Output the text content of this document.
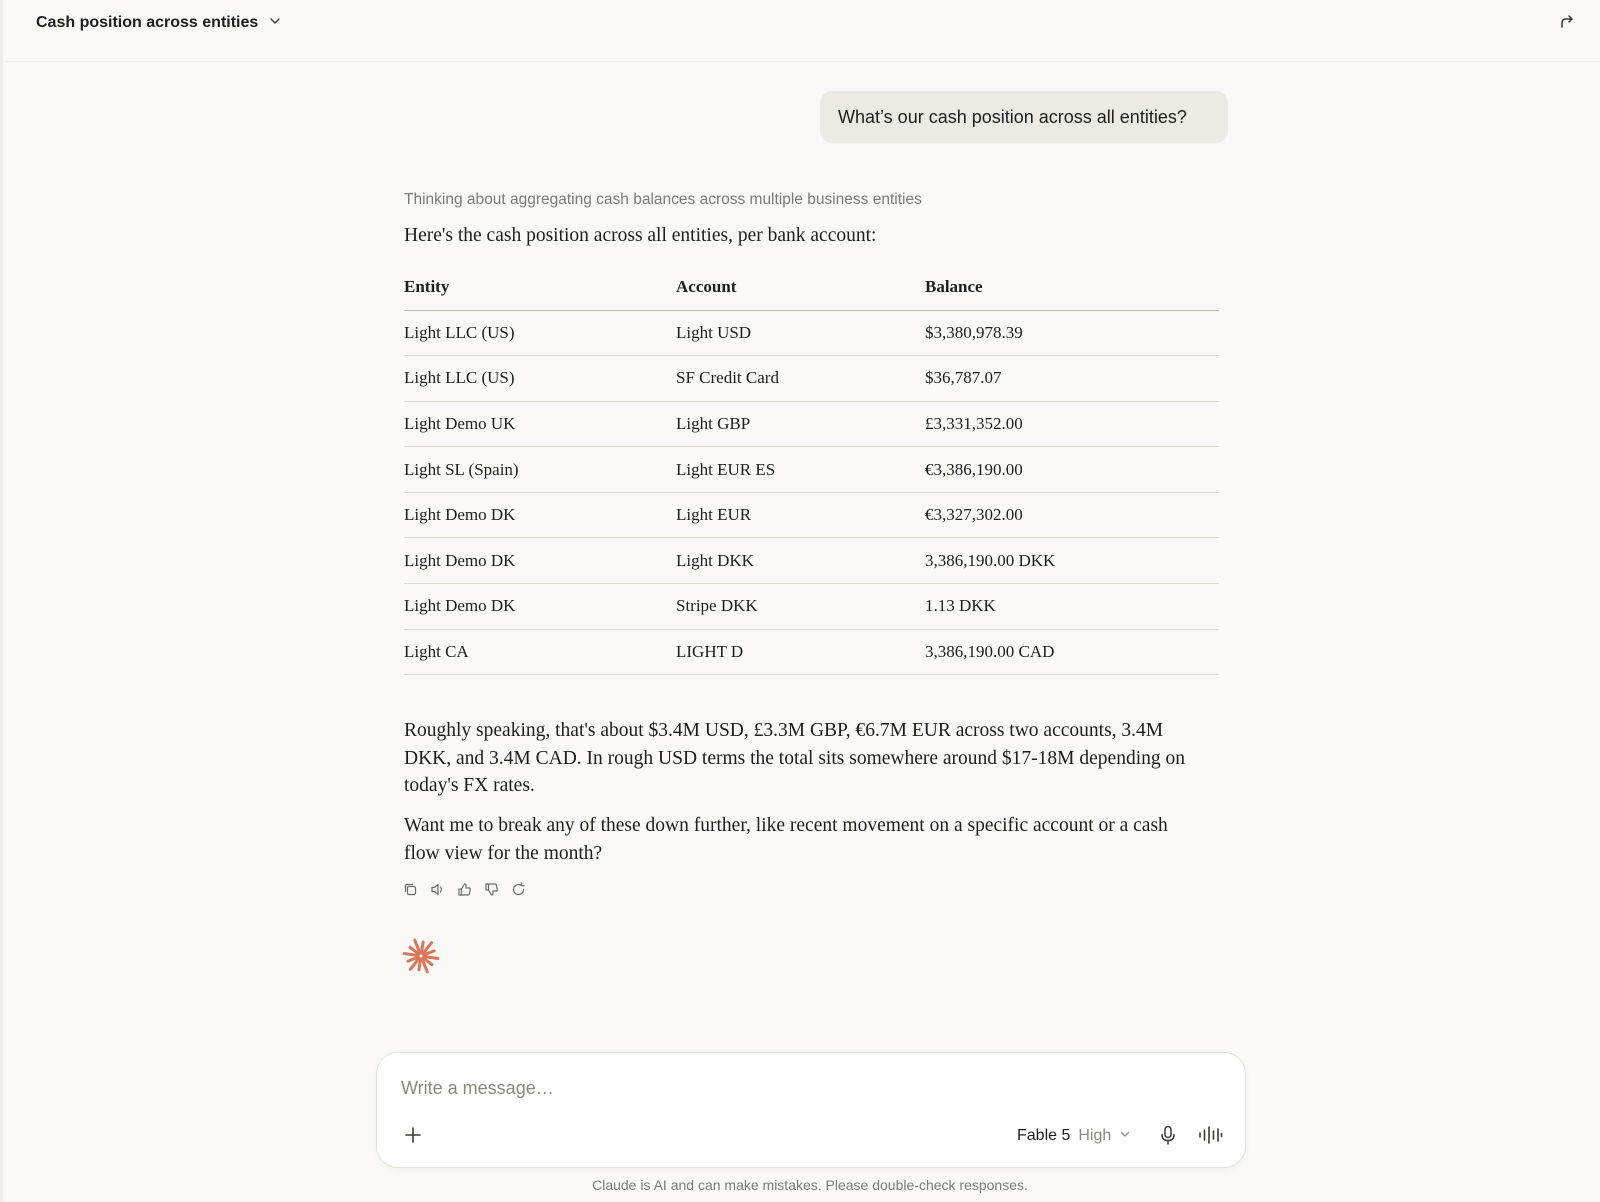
Cash position across entities
What’s our cash position across all entities?
Thinking about aggregating cash balances across multiple business entities
Here's the cash position across all entities, per bank account:
Entity	Account	Balance
Light LLC (US)	Light USD	$3,380,978.39
Light LLC (US)	SF Credit Card	$36,787.07
Light Demo UK	Light GBP	£3,331,352.00
Light SL (Spain)	Light EUR ES	€3,386,190.00
Light Demo DK	Light EUR	€3,327,302.00
Light Demo DK	Light DKK	3,386,190.00 DKK
Light Demo DK	Stripe DKK	1.13 DKK
Light CA	LIGHT D	3,386,190.00 CAD

Roughly speaking, that's about $3.4M USD, £3.3M GBP, €6.7M EUR across two accounts, 3.4M DKK, and 3.4M CAD. In rough USD terms the total sits somewhere around $17-18M depending on today's FX rates.

Want me to break any of these down further, like recent movement on a specific account or a cash flow view for the month?

Write a message…
Fable 5 High
Claude is AI and can make mistakes. Please double-check responses.
